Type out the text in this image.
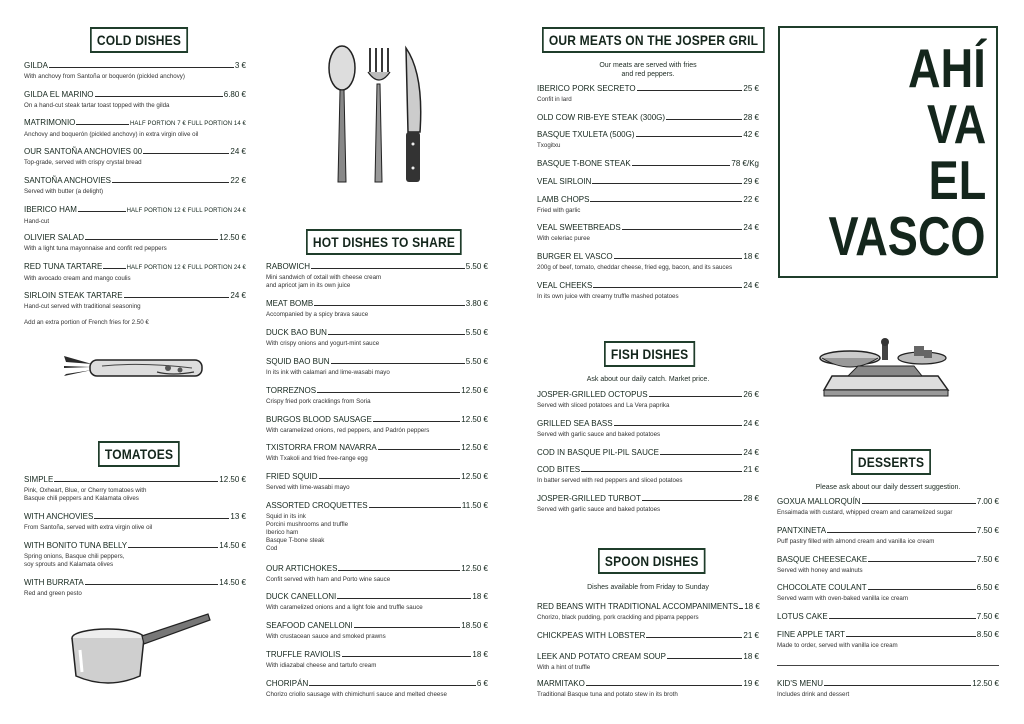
COLD DISHES
GILDA	3 €
With anchovy from Santoña or boquerón (pickled anchovy)
GILDA EL MARINO	6.80 €
On a hand-cut steak tartar toast topped with the gilda
MATRIMONIO	HALF PORTION 7 € FULL PORTION 14 €
Anchovy and boquerón (pickled anchovy) in extra virgin olive oil
OUR SANTOÑA ANCHOVIES 00	24 €
Top-grade, served with crispy crystal bread
SANTOÑA ANCHOVIES	22 €
Served with butter (a delight)
IBERICO HAM	HALF PORTION 12 € FULL PORTION 24 €
Hand-cut
OLIVIER SALAD	12.50 €
With a light tuna mayonnaise and confit red peppers
RED TUNA TARTARE	HALF PORTION 12 € FULL PORTION 24 €
With avocado cream and mango coulis
SIRLOIN STEAK TARTARE	24 €
Hand-cut served with traditional seasoning
Add an extra portion of French fries for 2.50 €
TOMATOES
SIMPLE	12.50 €
Pink, Oxheart, Blue, or Cherry tomatoes with
Basque chili peppers and Kalamata olives
WITH ANCHOVIES	13 €
From Santoña, served with extra virgin olive oil
WITH BONITO TUNA BELLY	14.50 €
Spring onions, Basque chili peppers,
soy sprouts and Kalamata olives
WITH BURRATA	14.50 €
Red and green pesto
HOT DISHES TO SHARE
RABOWICH	5.50 €
Mini sandwich of oxtail with cheese cream
and apricot jam in its own juice
MEAT BOMB	3.80 €
Accompanied by a spicy brava sauce
DUCK BAO BUN	5.50 €
With crispy onions and yogurt-mint sauce
SQUID BAO BUN	5.50 €
In its ink with calamari and lime-wasabi mayo
TORREZNOS	12.50 €
Crispy fried pork cracklings from Soria
BURGOS BLOOD SAUSAGE	12.50 €
With caramelized onions, red peppers, and Padrón peppers
TXISTORRA FROM NAVARRA	12.50 €
With Txakoli and fried free-range egg
FRIED SQUID	12.50 €
Served with lime-wasabi mayo
ASSORTED CROQUETTES	11.50 €
Squid in its ink
Porcini mushrooms and truffle
Iberico ham
Basque T-bone steak
Cod
OUR ARTICHOKES	12.50 €
Confit served with ham and Porto wine sauce
DUCK CANELLONI	18 €
With caramelized onions and a light foie and truffle sauce
SEAFOOD CANELLONI	18.50 €
With crustacean sauce and smoked prawns
TRUFFLE RAVIOLIS	18 €
With idiazabal cheese and tartufo cream
CHORIPÁN	6 €
Chorizo criollo sausage with chimichurri sauce and melted cheese
OUR MEATS ON THE JOSPER GRIL
Our meats are served with fries
and red peppers.
IBERICO PORK SECRETO	25 €
Confit in lard
OLD COW RIB-EYE STEAK (300G)	28 €
BASQUE TXULETA (500G)	42 €
Txogitxu
BASQUE T-BONE STEAK	78 €/Kg
VEAL SIRLOIN	29 €
LAMB CHOPS	22 €
Fried with garlic
VEAL SWEETBREADS	24 €
With celeriac puree
BURGER EL VASCO	18 €
200g of beef, tomato, cheddar cheese, fried egg, bacon, and its sauces
VEAL CHEEKS	24 €
In its own juice with creamy truffle mashed potatoes
FISH DISHES
Ask about our daily catch. Market price.
JOSPER-GRILLED OCTOPUS	26 €
Served with sliced potatoes and La Vera paprika
GRILLED SEA BASS	24 €
Served with garlic sauce and baked potatoes
COD IN BASQUE PIL-PIL SAUCE	24 €
COD BITES	21 €
In batter served with red peppers and sliced potatoes
JOSPER-GRILLED TURBOT	28 €
Served with garlic sauce and baked potatoes
SPOON DISHES
Dishes available from Friday to Sunday
RED BEANS WITH TRADITIONAL ACCOMPANIMENTS 18 €
Chorizo, black pudding, pork crackling and piparra peppers
CHICKPEAS WITH LOBSTER	21 €
LEEK AND POTATO CREAM SOUP	18 €
With a hint of truffle
MARMITAKO	19 €
Traditional Basque tuna and potato stew in its broth
AHÍ
VA
EL
VASCO
DESSERTS
Please ask about our daily dessert suggestion.
GOXUA MALLORQUÍN	7.00 €
Ensaimada with custard, whipped cream and caramelized sugar
PANTXINETA	7.50 €
Puff pastry filled with almond cream and vanilla ice cream
BASQUE CHEESECAKE	7.50 €
Served with honey and walnuts
CHOCOLATE COULANT	6.50 €
Served warm with oven-baked vanilla ice cream
LOTUS CAKE	7.50 €
FINE APPLE TART	8.50 €
Made to order, served with vanilla ice cream
KID'S MENU	12.50 €
Includes drink and dessert
